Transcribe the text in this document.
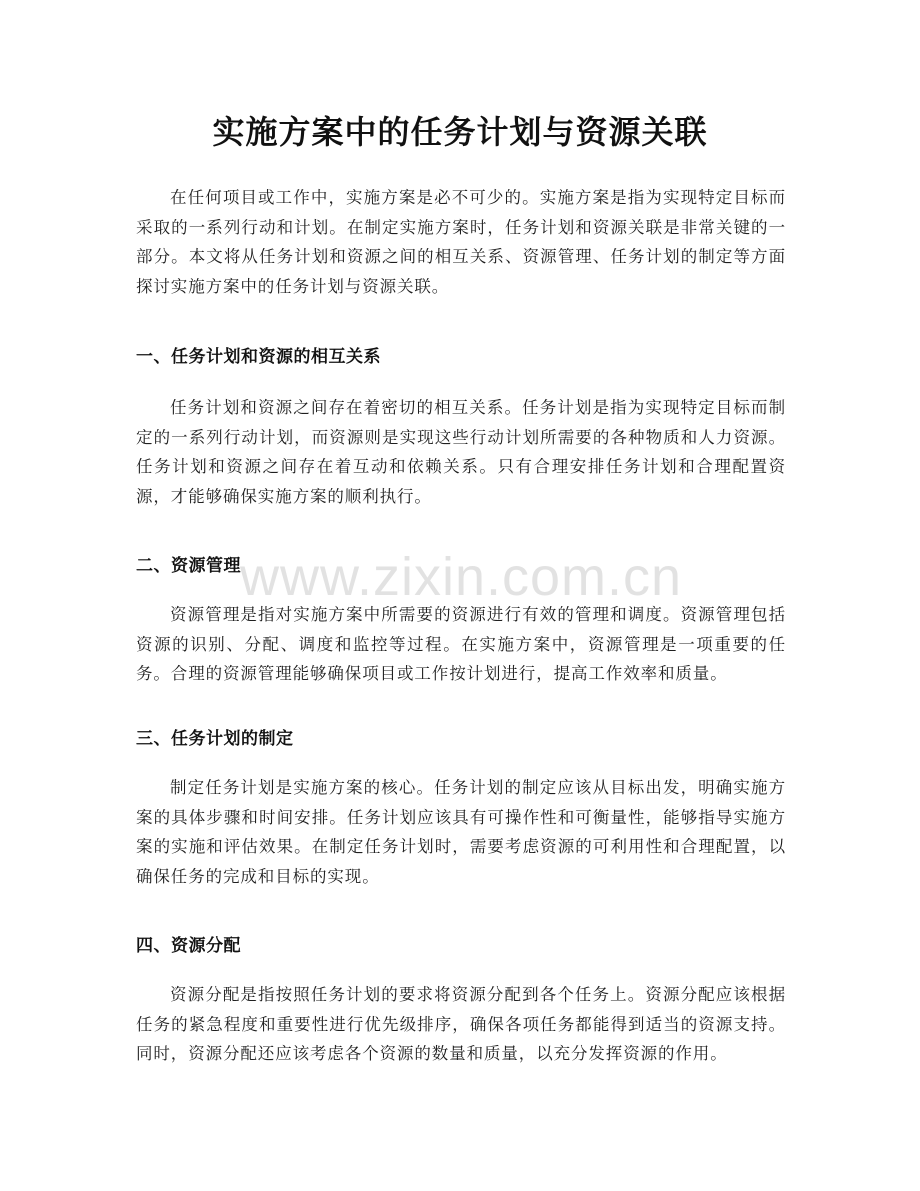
实施方案中的任务计划与资源关联

在任何项目或工作中，实施方案是必不可少的。实施方案是指为实现特定目标而采取的一系列行动和计划。在制定实施方案时，任务计划和资源关联是非常关键的一部分。本文将从任务计划和资源之间的相互关系、资源管理、任务计划的制定等方面探讨实施方案中的任务计划与资源关联。

一、任务计划和资源的相互关系

任务计划和资源之间存在着密切的相互关系。任务计划是指为实现特定目标而制定的一系列行动计划，而资源则是实现这些行动计划所需要的各种物质和人力资源。任务计划和资源之间存在着互动和依赖关系。只有合理安排任务计划和合理配置资源，才能够确保实施方案的顺利执行。

二、资源管理

资源管理是指对实施方案中所需要的资源进行有效的管理和调度。资源管理包括资源的识别、分配、调度和监控等过程。在实施方案中，资源管理是一项重要的任务。合理的资源管理能够确保项目或工作按计划进行，提高工作效率和质量。

三、任务计划的制定

制定任务计划是实施方案的核心。任务计划的制定应该从目标出发，明确实施方案的具体步骤和时间安排。任务计划应该具有可操作性和可衡量性，能够指导实施方案的实施和评估效果。在制定任务计划时，需要考虑资源的可利用性和合理配置，以确保任务的完成和目标的实现。

四、资源分配

资源分配是指按照任务计划的要求将资源分配到各个任务上。资源分配应该根据任务的紧急程度和重要性进行优先级排序，确保各项任务都能得到适当的资源支持。同时，资源分配还应该考虑各个资源的数量和质量，以充分发挥资源的作用。

www.zixin.com.cn
